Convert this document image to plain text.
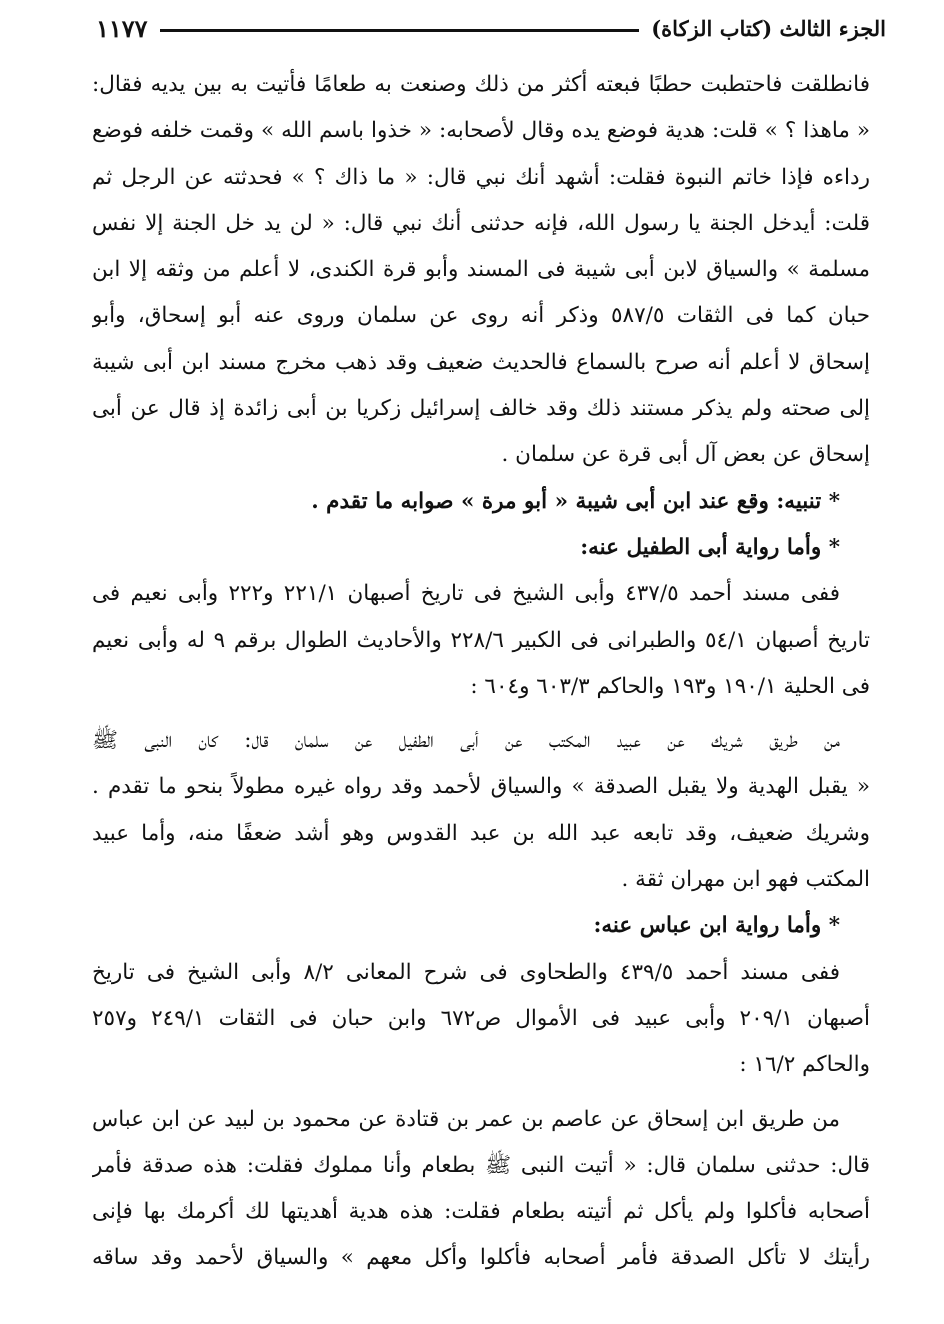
الجزء الثالث (كتاب الزكاة)
١١٧٧
فانطلقت فاحتطبت حطبًا فبعته أكثر من ذلك وصنعت به طعامًا فأتيت به بين يديه فقال:
« ماهذا ؟ » قلت: هدية فوضع يده وقال لأصحابه: « خذوا باسم الله » وقمت خلفه فوضع
رداءه فإذا خاتم النبوة فقلت: أشهد أنك نبي قال: « ما ذاك ؟ » فحدثته عن الرجل ثم
قلت: أيدخل الجنة يا رسول الله، فإنه حدثنى أنك نبي قال: « لن يد خل الجنة إلا نفس
مسلمة » والسياق لابن أبى شيبة فى المسند وأبو قرة الكندى، لا أعلم من وثقه إلا ابن
حبان كما فى الثقات ٥٨٧/٥ وذكر أنه روى عن سلمان وروى عنه أبو إسحاق، وأبو
إسحاق لا أعلم أنه صرح بالسماع فالحديث ضعيف وقد ذهب مخرج مسند ابن أبى شيبة
إلى صحته ولم يذكر مستند ذلك وقد خالف إسرائيل زكريا بن أبى زائدة إذ قال عن أبى
إسحاق عن بعض آل أبى قرة عن سلمان .
* تنبيه: وقع عند ابن أبى شيبة « أبو مرة » صوابه ما تقدم .
* وأما رواية أبى الطفيل عنه:
ففى مسند أحمد ٤٣٧/٥ وأبى الشيخ فى تاريخ أصبهان ٢٢١/١ و٢٢٢ وأبى نعيم فى
تاريخ أصبهان ٥٤/١ والطبرانى فى الكبير ٢٢٨/٦ والأحاديث الطوال برقم ٩ له وأبى نعيم
فى الحلية ١٩٠/١ و١٩٣ والحاكم ٦٠٣/٣ و٦٠٤ :
من طريق شريك عن عبيد المكتب عن أبى الطفيل عن سلمان قال: كان النبى ﷺ
« يقبل الهدية ولا يقبل الصدقة » والسياق لأحمد وقد رواه غيره مطولاً بنحو ما تقدم .
وشريك ضعيف، وقد تابعه عبد الله بن عبد القدوس وهو أشد ضعفًا منه، وأما عبيد
المكتب فهو ابن مهران ثقة .
* وأما رواية ابن عباس عنه:
ففى مسند أحمد ٤٣٩/٥ والطحاوى فى شرح المعانى ٨/٢ وأبى الشيخ فى تاريخ
أصبهان ٢٠٩/١ وأبى عبيد فى الأموال ص٦٧٢ وابن حبان فى الثقات ٢٤٩/١ و٢٥٧
والحاكم ١٦/٢ :
من طريق ابن إسحاق عن عاصم بن عمر بن قتادة عن محمود بن لبيد عن ابن عباس
قال: حدثنى سلمان قال: « أتيت النبى ﷺ بطعام وأنا مملوك فقلت: هذه صدقة فأمر
أصحابه فأكلوا ولم يأكل ثم أتيته بطعام فقلت: هذه هدية أهديتها لك أكرمك بها فإنى
رأيتك لا تأكل الصدقة فأمر أصحابه فأكلوا وأكل معهم » والسياق لأحمد وقد ساقه
